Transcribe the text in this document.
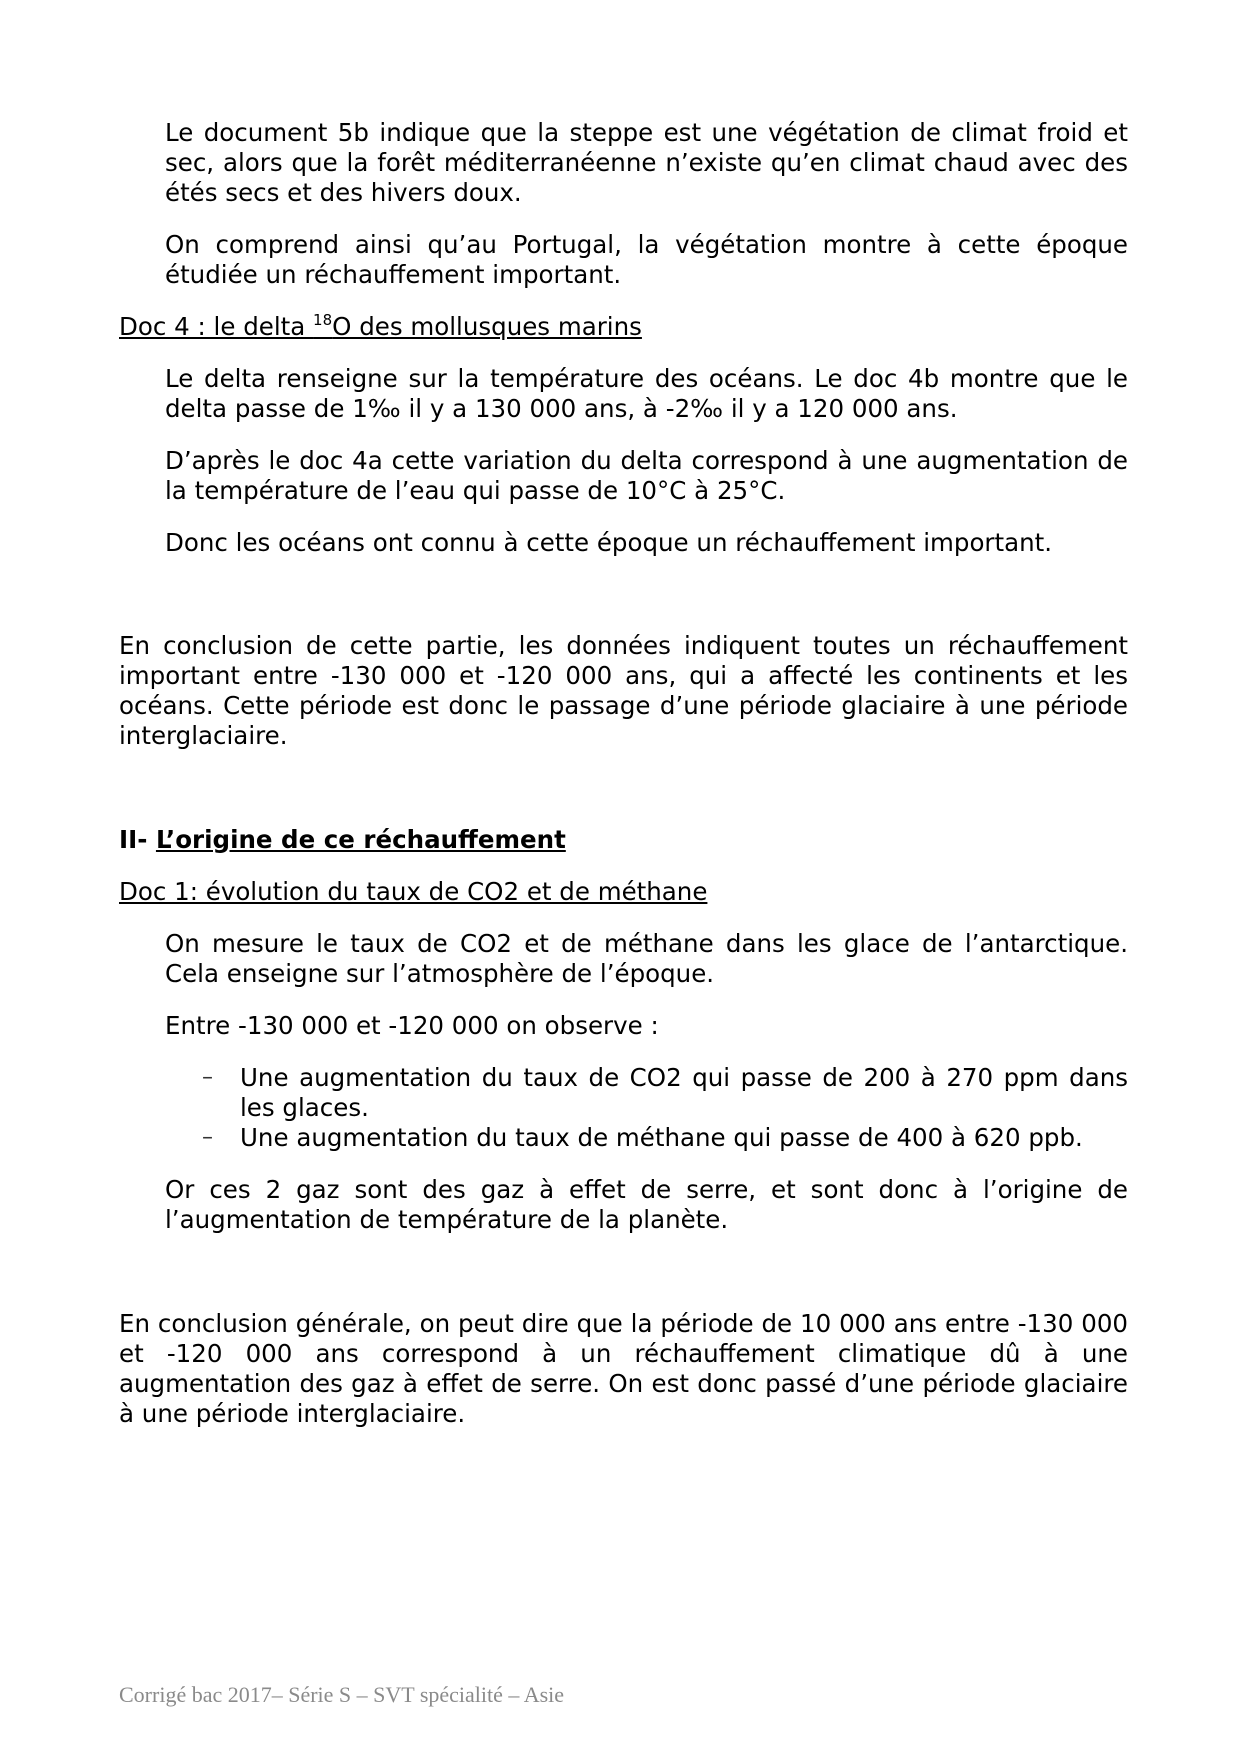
Le document 5b indique que la steppe est une végétation de climat froid et sec, alors que la forêt méditerranéenne n’existe qu’en climat chaud avec des étés secs et des hivers doux.

On comprend ainsi qu’au Portugal, la végétation montre à cette époque étudiée un réchauffement important.

Doc 4 : le delta $^{18}$O des mollusques marins

Le delta renseigne sur la température des océans. Le doc 4b montre que le delta passe de 1‰ il y a 130 000 ans, à -2‰ il y a 120 000 ans.

D’après le doc 4a cette variation du delta correspond à une augmentation de la température de l’eau qui passe de 10°C à 25°C.

Donc les océans ont connu à cette époque un réchauffement important.

En conclusion de cette partie, les données indiquent toutes un réchauffement important entre -130 000 et -120 000 ans, qui a affecté les continents et les océans. Cette période est donc le passage d’une période glaciaire à une période interglaciaire.

II- L’origine de ce réchauffement

Doc 1: évolution du taux de CO2 et de méthane

On mesure le taux de CO2 et de méthane dans les glace de l’antarctique. Cela enseigne sur l’atmosphère de l’époque.

Entre -130 000 et -120 000 on observe :

– Une augmentation du taux de CO2 qui passe de 200 à 270 ppm dans les glaces.

– Une augmentation du taux de méthane qui passe de 400 à 620 ppb.

Or ces 2 gaz sont des gaz à effet de serre, et sont donc à l’origine de l’augmentation de température de la planète.

En conclusion générale, on peut dire que la période de 10 000 ans entre -130 000 et -120 000 ans correspond à un réchauffement climatique dû à une augmentation des gaz à effet de serre. On est donc passé d’une période glaciaire à une période interglaciaire.

Corrigé bac 2017– Série S – SVT spécialité – Asie
